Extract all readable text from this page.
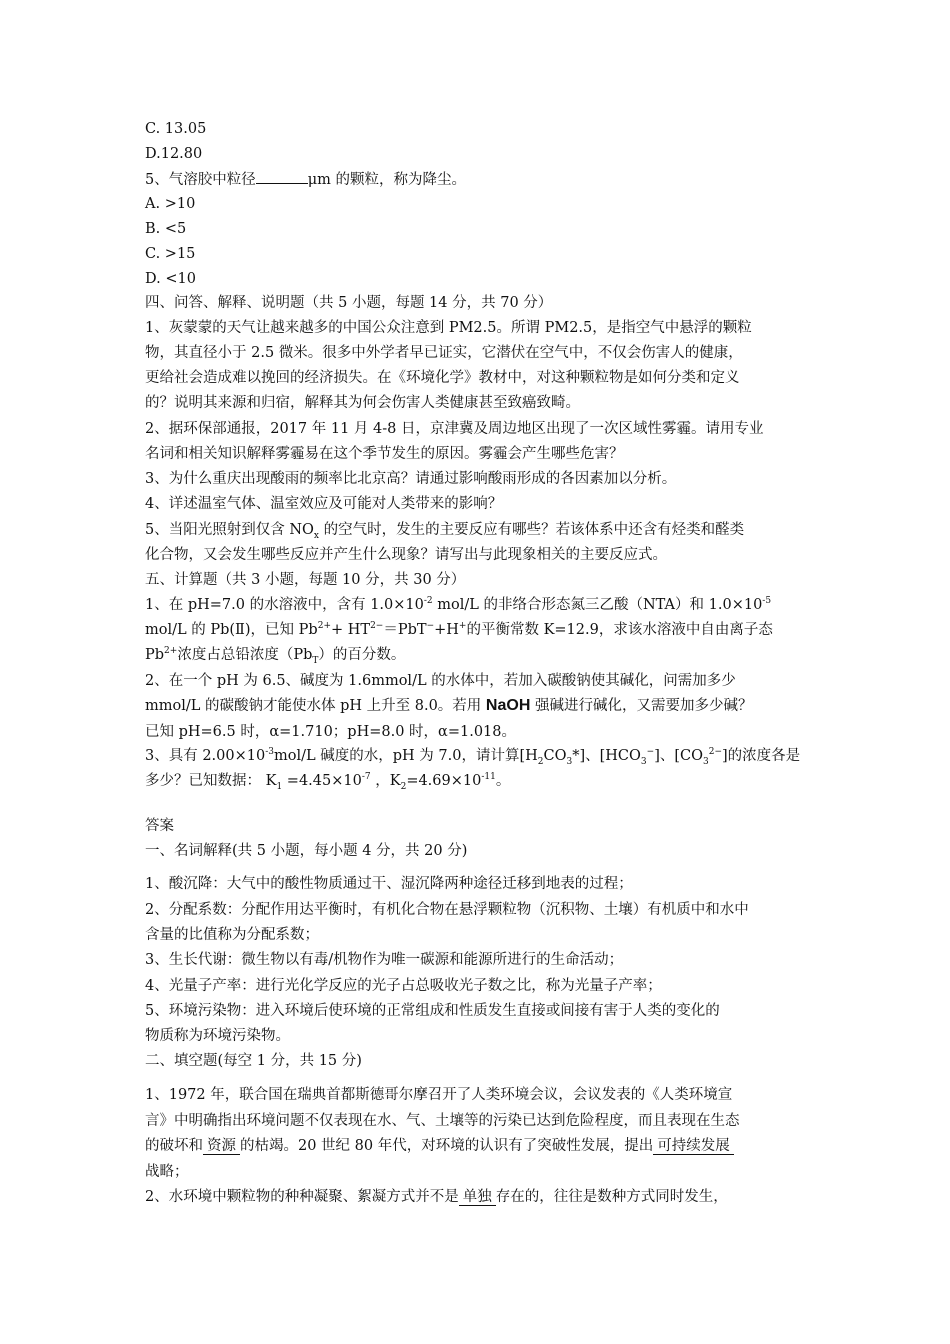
C. 13.05
D.12.80
5、气溶胶中粒径	μm 的颗粒，称为降尘。
A. >10
B. <5
C. >15
D. <10
四、问答、解释、说明题（共 5 小题，每题 14 分，共 70 分）
1、灰蒙蒙的天气让越来越多的中国公众注意到 PM2.5。所谓 PM2.5，是指空气中悬浮的颗粒
物，其直径小于 2.5 微米。很多中外学者早已证实，它潜伏在空气中，不仅会伤害人的健康，
更给社会造成难以挽回的经济损失。在《环境化学》教材中，对这种颗粒物是如何分类和定义
的？说明其来源和归宿，解释其为何会伤害人类健康甚至致癌致畸。
2、据环保部通报，2017 年 11 月 4-8 日，京津冀及周边地区出现了一次区域性雾霾。请用专业
名词和相关知识解释雾霾易在这个季节发生的原因。雾霾会产生哪些危害？
3、为什么重庆出现酸雨的频率比北京高？请通过影响酸雨形成的各因素加以分析。
4、详述温室气体、温室效应及可能对人类带来的影响？
5、当阳光照射到仅含 $NO_x$ 的空气时，发生的主要反应有哪些？若该体系中还含有烃类和醛类
化合物，又会发生哪些反应并产生什么现象？请写出与此现象相关的主要反应式。
五、计算题（共 3 小题，每题 10 分，共 30 分）
1、在 pH=7.0 的水溶液中，含有 $1.0\times 10^{-2}$ mol/L 的非络合形态氮三乙酸（NTA）和 $1.0\times 10^{-5}$
mol/L 的 Pb(Ⅱ)，已知 $Pb^{2+}+ HT^{2-}=PbT^-+H^+$的平衡常数 K=12.9，求该水溶液中自由离子态
$Pb^{2+}$浓度占总铅浓度$(Pb_T)$的百分数。
2、在一个 pH 为 6.5、碱度为 1.6mmol/L 的水体中，若加入碳酸钠使其碱化，问需加多少
mmol/L 的碳酸钠才能使水体 pH 上升至 8.0。若用 NaOH 强碱进行碱化，又需要加多少碱？
已知 pH=6.5 时，α=1.710；pH=8.0 时，α=1.018。
3、具有 $2.00\times 10^{-3}mol/L$ 碱度的水，pH 为 7.0，请计算$[H_2CO_3*]$、$[HCO_3^-]$、$[CO_3^{2-}]$的浓度各是
多少？已知数据： $K_1 =4.45\times 10^{-7}$ ，$K_2=4.69\times 10^{-11}$。
答案
一、名词解释(共 5 小题，每小题 4 分，共 20 分)
1、酸沉降：大气中的酸性物质通过干、湿沉降两种途径迁移到地表的过程；
2、分配系数：分配作用达平衡时，有机化合物在悬浮颗粒物（沉积物、土壤）有机质中和水中
含量的比值称为分配系数；
3、生长代谢：微生物以有毒/机物作为唯一碳源和能源所进行的生命活动；
4、光量子产率：进行光化学反应的光子占总吸收光子数之比，称为光量子产率；
5、环境污染物：进入环境后使环境的正常组成和性质发生直接或间接有害于人类的变化的
物质称为环境污染物。
二、填空题(每空 1 分，共 15 分)
1、1972 年，联合国在瑞典首都斯德哥尔摩召开了人类环境会议，会议发表的《人类环境宣
言》中明确指出环境问题不仅表现在水、气、土壤等的污染已达到危险程度，而且表现在生态
的破坏和 资源 的枯竭。20 世纪 80 年代，对环境的认识有了突破性发展，提出 可持续发展
战略；
2、水环境中颗粒物的种种凝聚、絮凝方式并不是 单独 存在的，往往是数种方式同时发生，
